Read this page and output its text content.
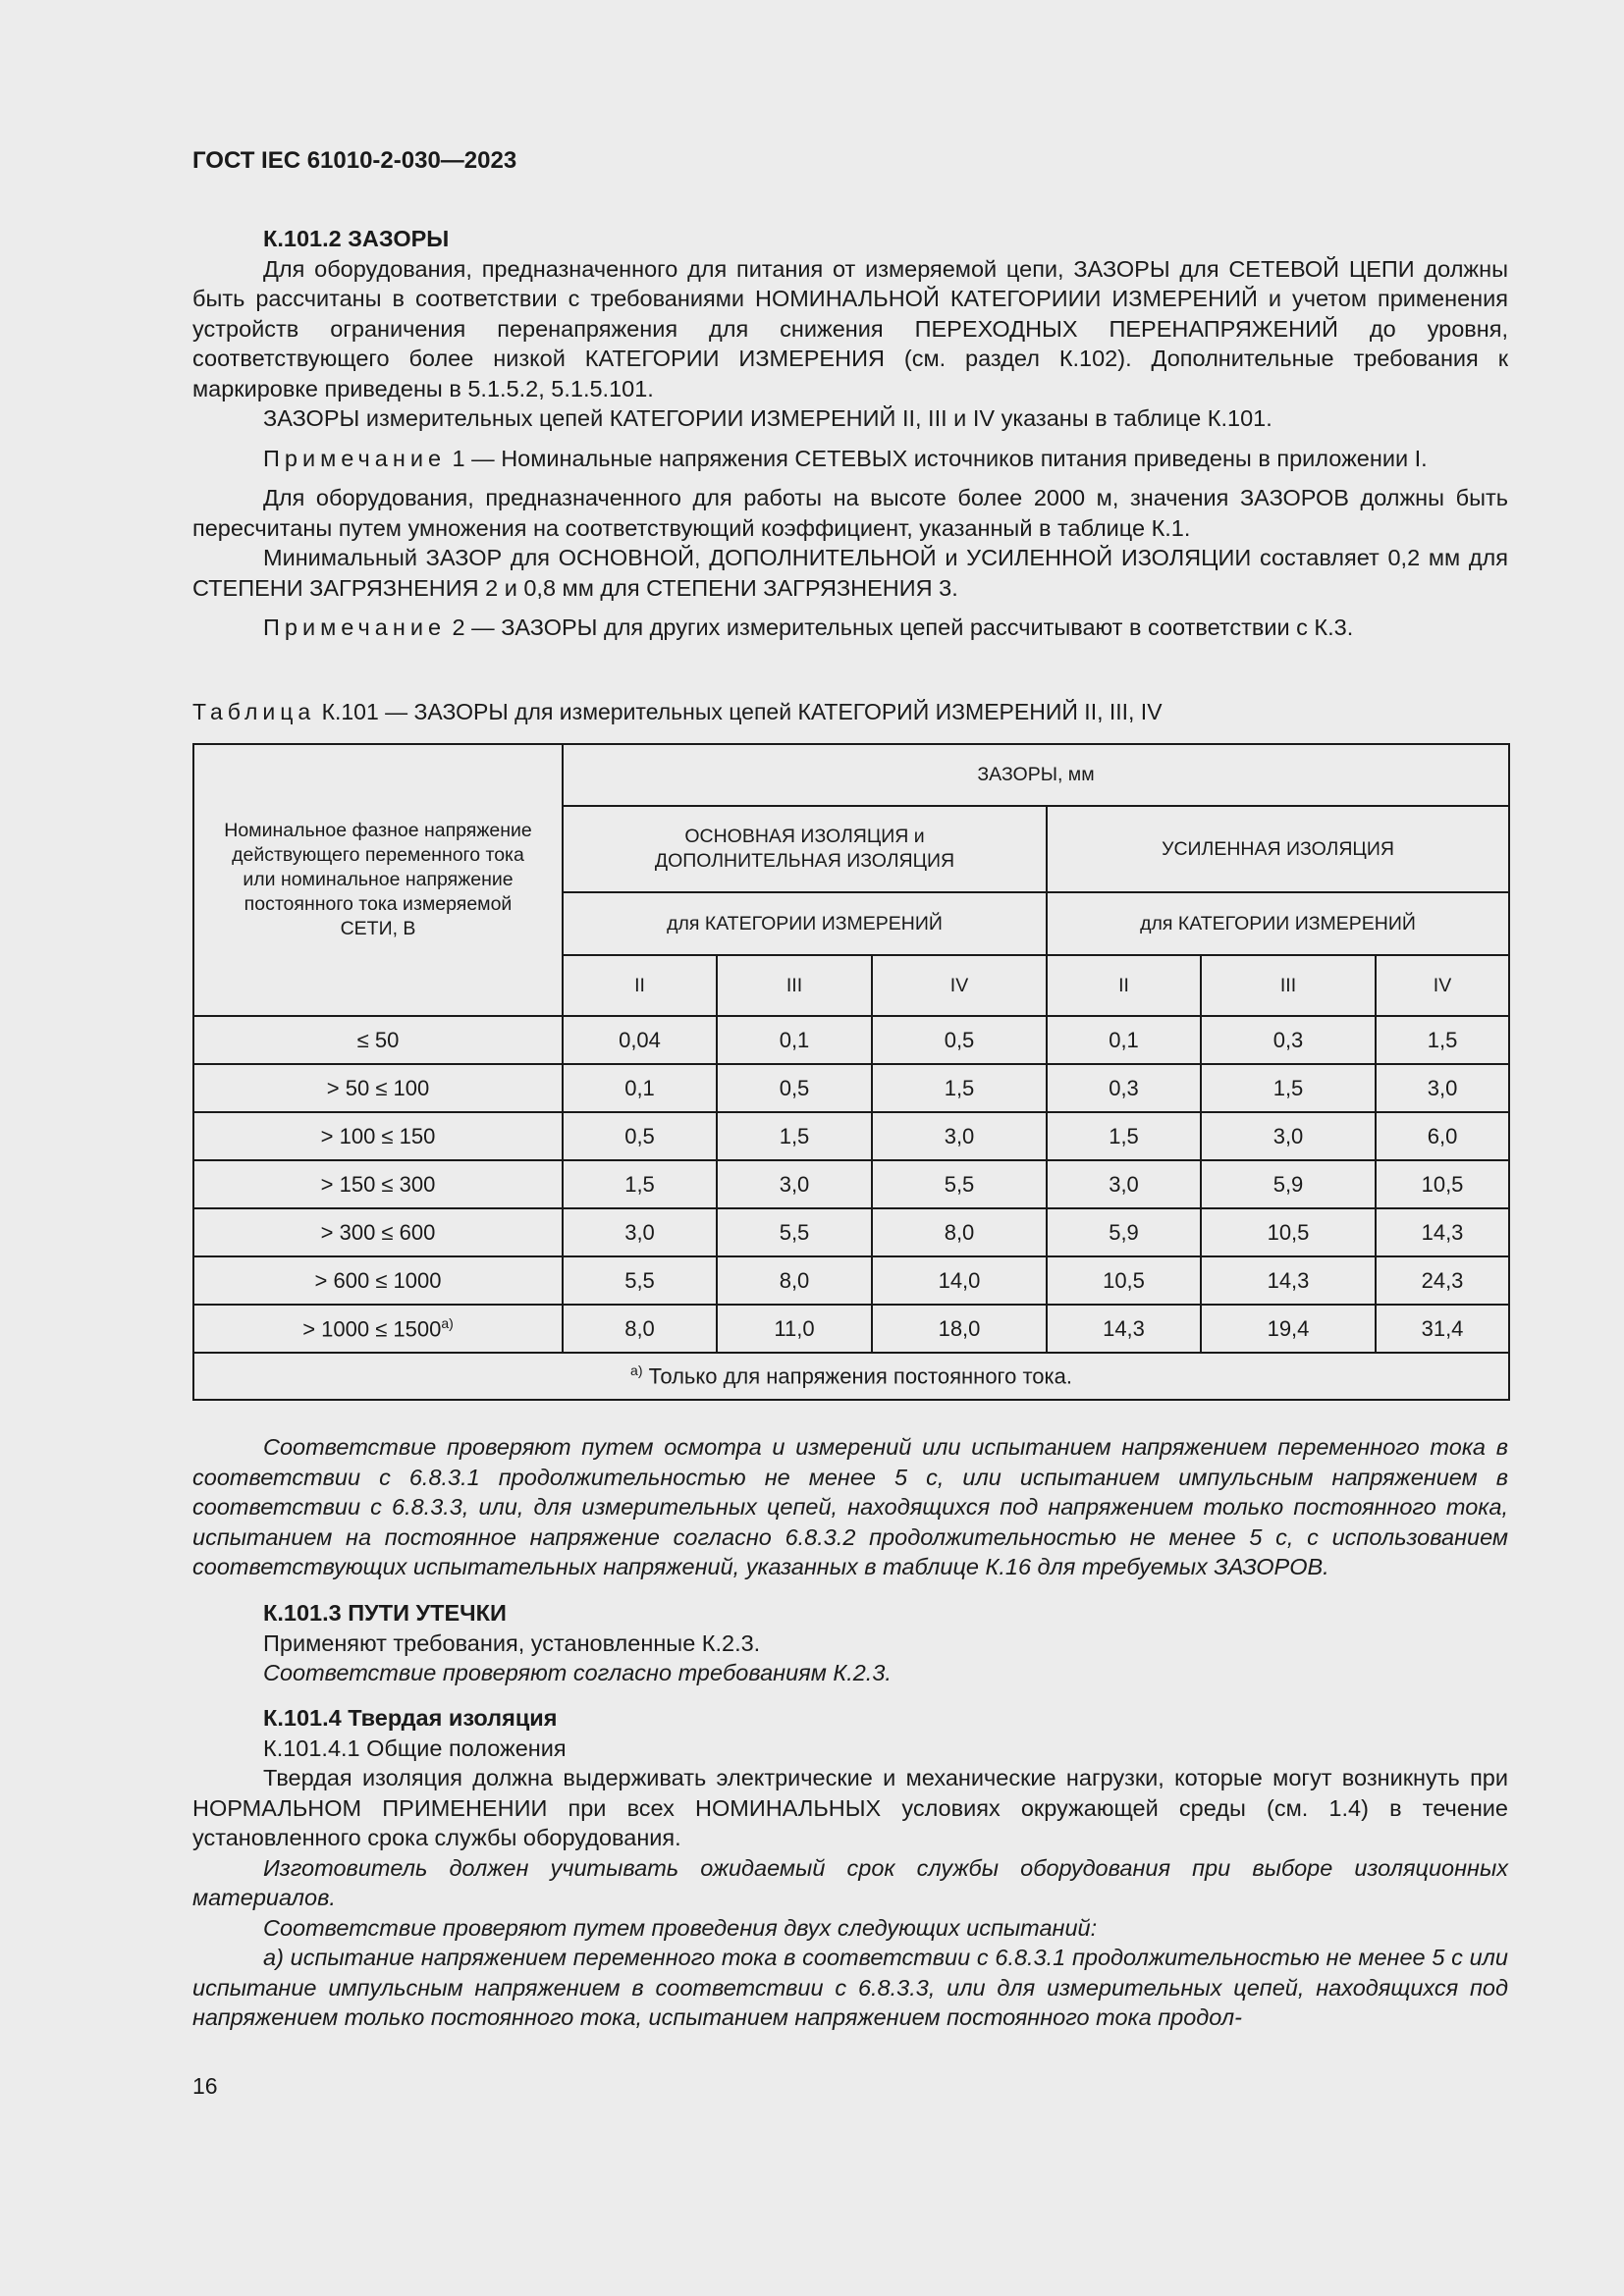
ГОСТ IEC 61010-2-030—2023

К.101.2 ЗАЗОРЫ

Для оборудования, предназначенного для питания от измеряемой цепи, ЗАЗОРЫ для СЕТЕВОЙ ЦЕПИ должны быть рассчитаны в соответствии с требованиями НОМИНАЛЬНОЙ КАТЕГОРИИИ ИЗМЕРЕНИЙ и учетом применения устройств ограничения перенапряжения для снижения ПЕРЕХОДНЫХ ПЕРЕНАПРЯЖЕНИЙ до уровня, соответствующего более низкой КАТЕГОРИИ ИЗМЕРЕНИЯ (см. раздел К.102). Дополнительные требования к маркировке приведены в 5.1.5.2, 5.1.5.101.

ЗАЗОРЫ измерительных цепей КАТЕГОРИИ ИЗМЕРЕНИЙ II, III и IV указаны в таблице К.101.

Примечание 1 — Номинальные напряжения СЕТЕВЫХ источников питания приведены в приложении I.

Для оборудования, предназначенного для работы на высоте более 2000 м, значения ЗАЗОРОВ должны быть пересчитаны путем умножения на соответствующий коэффициент, указанный в таблице К.1.

Минимальный ЗАЗОР для ОСНОВНОЙ, ДОПОЛНИТЕЛЬНОЙ и УСИЛЕННОЙ ИЗОЛЯЦИИ составляет 0,2 мм для СТЕПЕНИ ЗАГРЯЗНЕНИЯ 2 и 0,8 мм для СТЕПЕНИ ЗАГРЯЗНЕНИЯ 3.

Примечание 2 — ЗАЗОРЫ для других измерительных цепей рассчитывают в соответствии с К.3.

Таблица К.101 — ЗАЗОРЫ для измерительных цепей КАТЕГОРИЙ ИЗМЕРЕНИЙ II, III, IV
Номинальное фазное напряжение действующего переменного тока или номинальное напряжение постоянного тока измеряемой СЕТИ, В	ЗАЗОРЫ, мм					
	ОСНОВНАЯ ИЗОЛЯЦИЯ и ДОПОЛНИТЕЛЬНАЯ ИЗОЛЯЦИЯ			УСИЛЕННАЯ ИЗОЛЯЦИЯ		
	для КАТЕГОРИИ ИЗМЕРЕНИЙ			для КАТЕГОРИИ ИЗМЕРЕНИЙ		
	II	III	IV	II	III	IV
≤ 50	0,04	0,1	0,5	0,1	0,3	1,5
> 50 ≤ 100	0,1	0,5	1,5	0,3	1,5	3,0
> 100 ≤ 150	0,5	1,5	3,0	1,5	3,0	6,0
> 150 ≤ 300	1,5	3,0	5,5	3,0	5,9	10,5
> 300 ≤ 600	3,0	5,5	8,0	5,9	10,5	14,3
> 600 ≤ 1000	5,5	8,0	14,0	10,5	14,3	24,3
> $1000 \le 1500^{a)}$	8,0	11,0	18,0	14,3	19,4	31,4
$^{a)}$ Только для напряжения постоянного тока.						

Соответствие проверяют путем осмотра и измерений или испытанием напряжением переменного тока в соответствии с 6.8.3.1 продолжительностью не менее 5 с, или испытанием импульсным напряжением в соответствии с 6.8.3.3, или, для измерительных цепей, находящихся под напряжением только постоянного тока, испытанием на постоянное напряжение согласно 6.8.3.2 продолжительностью не менее 5 с, с использованием соответствующих испытательных напряжений, указанных в таблице К.16 для требуемых ЗАЗОРОВ.

К.101.3 ПУТИ УТЕЧКИ

Применяют требования, установленные К.2.3.

Соответствие проверяют согласно требованиям К.2.3.

К.101.4 Твердая изоляция

К.101.4.1 Общие положения

Твердая изоляция должна выдерживать электрические и механические нагрузки, которые могут возникнуть при НОРМАЛЬНОМ ПРИМЕНЕНИИ при всех НОМИНАЛЬНЫХ условиях окружающей среды (см. 1.4) в течение установленного срока службы оборудования.

Изготовитель должен учитывать ожидаемый срок службы оборудования при выборе изоляционных материалов.

Соответствие проверяют путем проведения двух следующих испытаний:

а) испытание напряжением переменного тока в соответствии с 6.8.3.1 продолжительностью не менее 5 с или испытание импульсным напряжением в соответствии с 6.8.3.3, или для измерительных цепей, находящихся под напряжением только постоянного тока, испытанием напряжением постоянного тока продол-

16
